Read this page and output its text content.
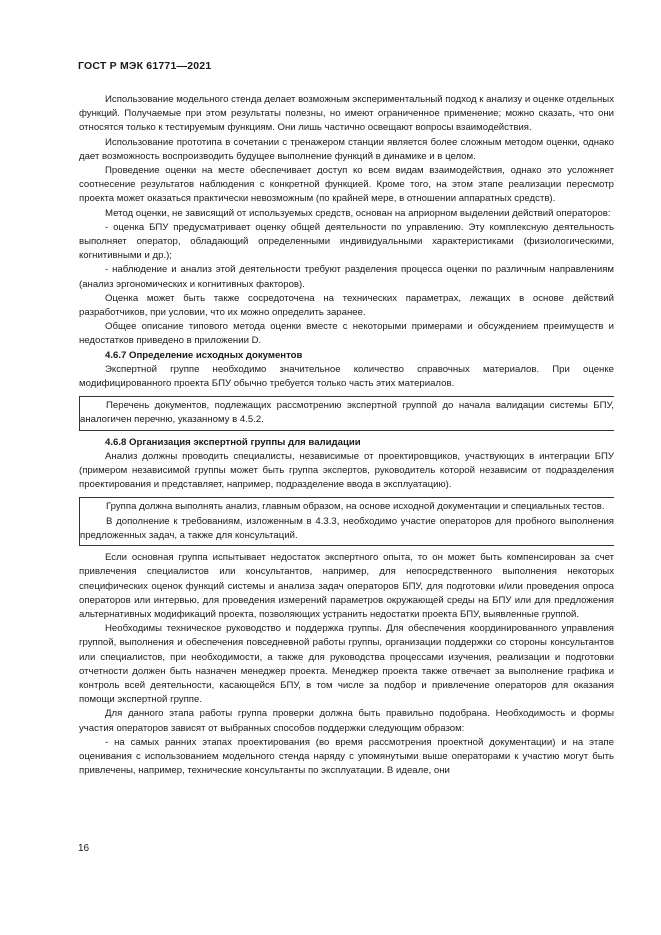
ГОСТ Р МЭК 61771—2021

Использование модельного стенда делает возможным экспериментальный подход к анализу и оценке отдельных функций. Получаемые при этом результаты полезны, но имеют ограниченное применение; можно сказать, что они относятся только к тестируемым функциям. Они лишь частично освещают вопросы взаимодействия.

Использование прототипа в сочетании с тренажером станции является более сложным методом оценки, однако дает возможность воспроизводить будущее выполнение функций в динамике и в целом.

Проведение оценки на месте обеспечивает доступ ко всем видам взаимодействия, однако это усложняет соотнесение результатов наблюдения с конкретной функцией. Кроме того, на этом этапе реализации пересмотр проекта может оказаться практически невозможным (по крайней мере, в отношении аппаратных средств).

Метод оценки, не зависящий от используемых средств, основан на априорном выделении действий операторов:

- оценка БПУ предусматривает оценку общей деятельности по управлению. Эту комплексную деятельность выполняет оператор, обладающий определенными индивидуальными характеристиками (физиологическими, когнитивными и др.);

- наблюдение и анализ этой деятельности требуют разделения процесса оценки по различным направлениям (анализ эргономических и когнитивных факторов).

Оценка может быть также сосредоточена на технических параметрах, лежащих в основе действий разработчиков, при условии, что их можно определить заранее.

Общее описание типового метода оценки вместе с некоторыми примерами и обсуждением преимуществ и недостатков приведено в приложении D.

4.6.7 Определение исходных документов

Экспертной группе необходимо значительное количество справочных материалов. При оценке модифицированного проекта БПУ обычно требуется только часть этих материалов.

Перечень документов, подлежащих рассмотрению экспертной группой до начала валидации системы БПУ, аналогичен перечню, указанному в 4.5.2.

4.6.8 Организация экспертной группы для валидации

Анализ должны проводить специалисты, независимые от проектировщиков, участвующих в интеграции БПУ (примером независимой группы может быть группа экспертов, руководитель которой независим от подразделения проектирования и представляет, например, подразделение ввода в эксплуатацию).

Группа должна выполнять анализ, главным образом, на основе исходной документации и специальных тестов.

В дополнение к требованиям, изложенным в 4.3.3, необходимо участие операторов для пробного выполнения предложенных задач, а также для консультаций.

Если основная группа испытывает недостаток экспертного опыта, то он может быть компенсирован за счет привлечения специалистов или консультантов, например, для непосредственного выполнения некоторых специфических оценок функций системы и анализа задач операторов БПУ, для подготовки и/или проведения опроса операторов или интервью, для проведения измерений параметров окружающей среды на БПУ или для предложения альтернативных модификаций проекта, позволяющих устранить недостатки проекта БПУ, выявленные группой.

Необходимы техническое руководство и поддержка группы. Для обеспечения координированного управления группой, выполнения и обеспечения повседневной работы группы, организации поддержки со стороны консультантов или специалистов, при необходимости, а также для руководства процессами изучения, реализации и подготовки отчетности должен быть назначен менеджер проекта. Менеджер проекта также отвечает за выполнение графика и контроль всей деятельности, касающейся БПУ, в том числе за подбор и привлечение операторов для оказания помощи экспертной группе.

Для данного этапа работы группа проверки должна быть правильно подобрана. Необходимость и формы участия операторов зависят от выбранных способов поддержки следующим образом:

- на самых ранних этапах проектирования (во время рассмотрения проектной документации) и на этапе оценивания с использованием модельного стенда наряду с упомянутыми выше операторами к участию могут быть привлечены, например, технические консультанты по эксплуатации. В идеале, они

16
